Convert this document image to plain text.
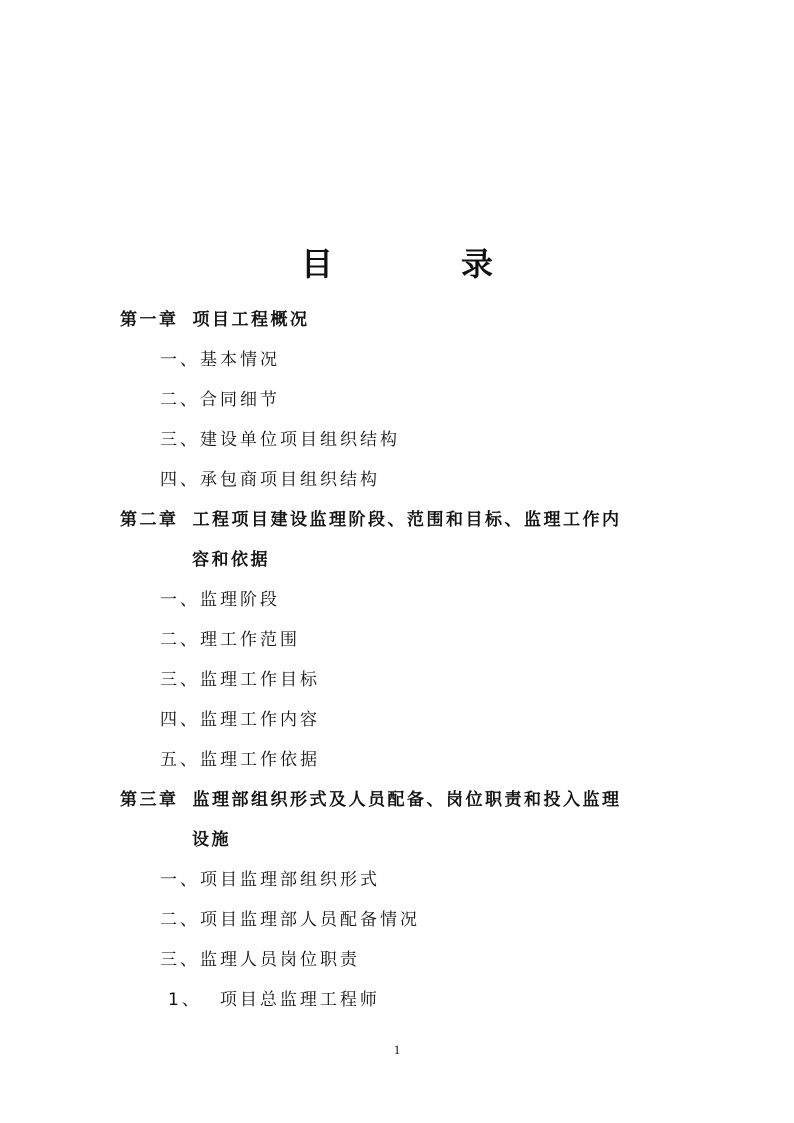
目　录
第一章 项目工程概况
一、基本情况
二、合同细节
三、建设单位项目组织结构
四、承包商项目组织结构
第二章 工程项目建设监理阶段、范围和目标、监理工作内
容和依据
一、监理阶段
二、理工作范围
三、监理工作目标
四、监理工作内容
五、监理工作依据
第三章 监理部组织形式及人员配备、岗位职责和投入监理
设施
一、项目监理部组织形式
二、项目监理部人员配备情况
三、监理人员岗位职责
1、 项目总监理工程师
1
